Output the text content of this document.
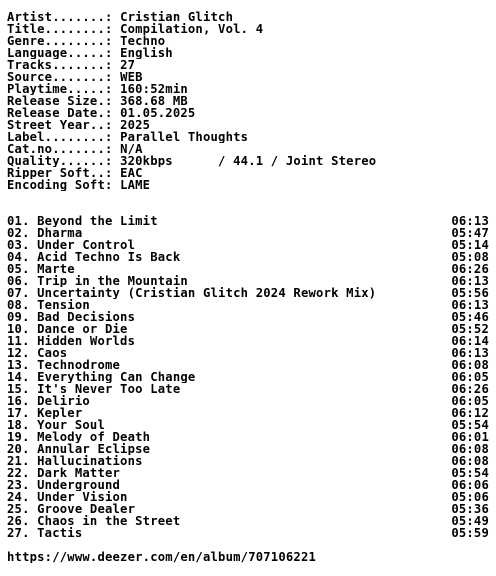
Artist.......: Cristian Glitch
Title........: Compilation, Vol. 4
Genre........: Techno
Language.....: English
Tracks.......: 27
Source.......: WEB
Playtime.....: 160:52min
Release Size.: 368.68 MB
Release Date.: 01.05.2025
Street Year..: 2025
Label........: Parallel Thoughts
Cat.no.......: N/A
Quality......: 320kbps      / 44.1 / Joint Stereo
Ripper Soft..: EAC
Encoding Soft: LAME
01. Beyond the Limit	06:13
02. Dharma	05:47
03. Under Control	05:14
04. Acid Techno Is Back	05:08
05. Marte	06:26
06. Trip in the Mountain	06:13
07. Uncertainty (Cristian Glitch 2024 Rework Mix)	05:56
08. Tension	06:13
09. Bad Decisions	05:46
10. Dance or Die	05:52
11. Hidden Worlds	06:14
12. Caos	06:13
13. Technodrome	06:08
14. Everything Can Change	06:05
15. It's Never Too Late	06:26
16. Delirio	06:05
17. Kepler	06:12
18. Your Soul	05:54
19. Melody of Death	06:01
20. Annular Eclipse	06:08
21. Hallucinations	06:08
22. Dark Matter	05:54
23. Underground	06:06
24. Under Vision	05:06
25. Groove Dealer	05:36
26. Chaos in the Street	05:49
27. Tactis	05:59
https://www.deezer.com/en/album/707106221
